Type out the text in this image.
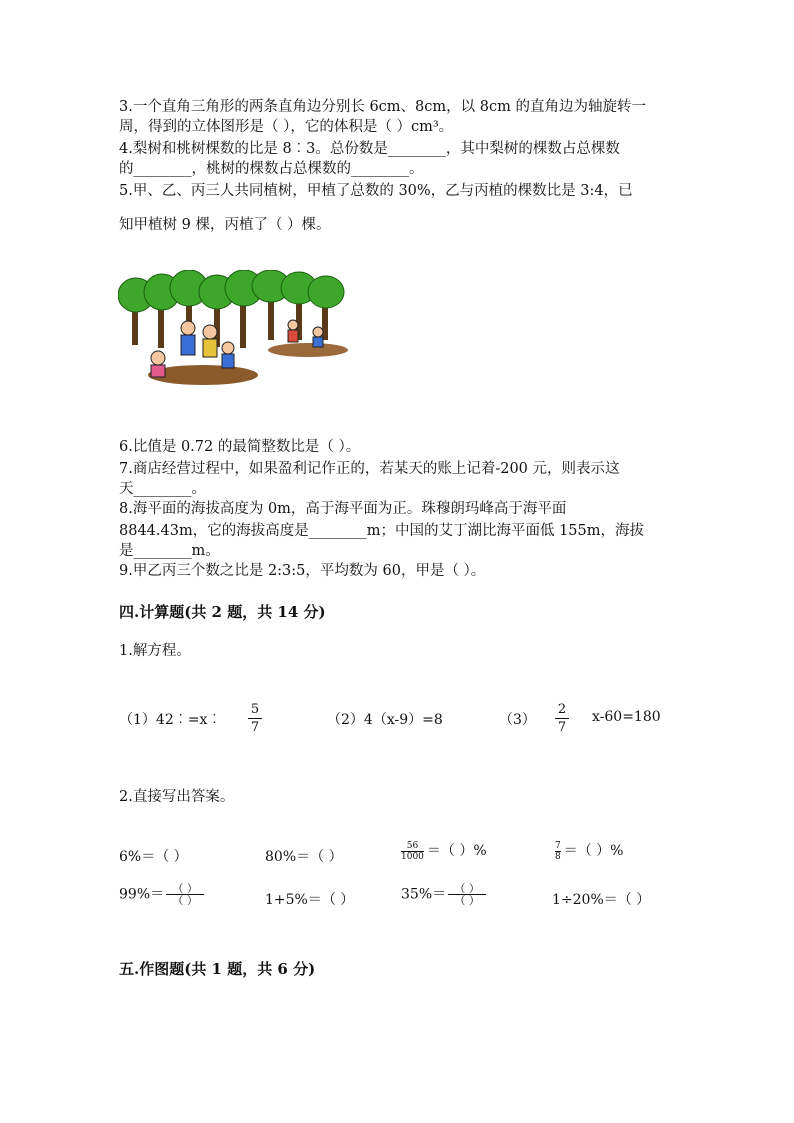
3.一个直角三角形的两条直角边分别长 6cm、8cm，以 8cm 的直角边为轴旋转一
周，得到的立体图形是（ ），它的体积是（ ）cm³。
4.梨树和桃树棵数的比是 8︰3。总份数是________，其中梨树的棵数占总棵数
的________，桃树的棵数占总棵数的________。
5.甲、乙、丙三人共同植树，甲植了总数的 30%，乙与丙植的棵数比是 3:4，已
知甲植树 9 棵，丙植了（ ）棵。
6.比值是 0.72 的最简整数比是（ ）。
7.商店经营过程中，如果盈利记作正的，若某天的账上记着-200 元，则表示这
天________。
8.海平面的海拔高度为 0m，高于海平面为正。珠穆朗玛峰高于海平面
8844.43m，它的海拔高度是________m；中国的艾丁湖比海平面低 155m，海拔
是________m。
9.甲乙丙三个数之比是 2:3:5，平均数为 60，甲是（ ）。
四.计算题(共 2 题，共 14 分)
1.解方程。
（1）42︰=x︰
5
7	（2）4（x-9）=8	（3）
2
7
x-60=180
2.直接写出答案。
6%＝（ ）	80%＝（ ）	$\frac{56}{1000}$ ＝（ ）%	$\frac{7}{8}$ ＝（ ）%
$99\%= \frac{( )}{( )}$	1+5%＝（ ）	$35\%= \frac{( )}{( )}$	1÷20%＝（ ）
五.作图题(共 1 题，共 6 分)
